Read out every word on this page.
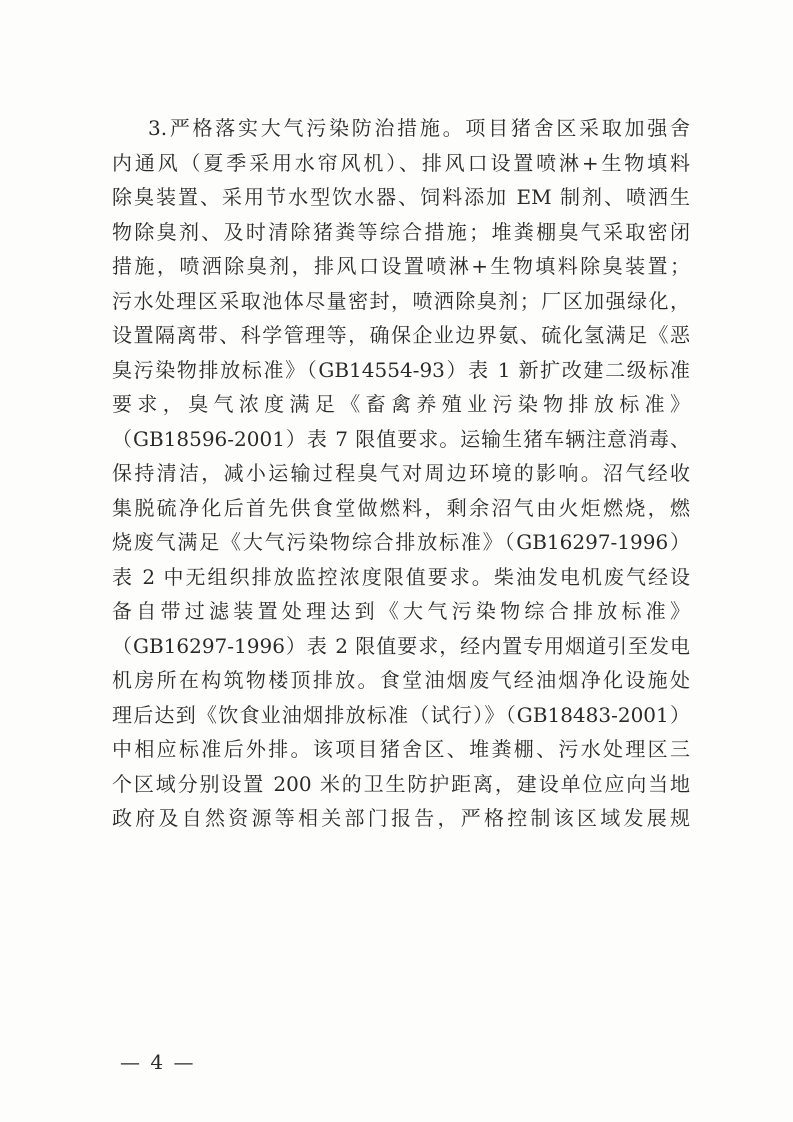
3.严格落实大气污染防治措施。项目猪舍区采取加强舍
内通风（夏季采用水帘风机）、排风口设置喷淋+生物填料
除臭装置、采用节水型饮水器、饲料添加 EM 制剂、喷洒生
物除臭剂、及时清除猪粪等综合措施；堆粪棚臭气采取密闭
措施，喷洒除臭剂，排风口设置喷淋+生物填料除臭装置；
污水处理区采取池体尽量密封，喷洒除臭剂；厂区加强绿化，
设置隔离带、科学管理等，确保企业边界氨、硫化氢满足《恶
臭污染物排放标准》（GB14554-93）表 1 新扩改建二级标准
要求，臭气浓度满足《畜禽养殖业污染物排放标准》
（GB18596-2001）表 7 限值要求。运输生猪车辆注意消毒、
保持清洁，减小运输过程臭气对周边环境的影响。沼气经收
集脱硫净化后首先供食堂做燃料，剩余沼气由火炬燃烧，燃
烧废气满足《大气污染物综合排放标准》（GB16297-1996）
表 2 中无组织排放监控浓度限值要求。柴油发电机废气经设
备自带过滤装置处理达到《大气污染物综合排放标准》
（GB16297-1996）表 2 限值要求，经内置专用烟道引至发电
机房所在构筑物楼顶排放。食堂油烟废气经油烟净化设施处
理后达到《饮食业油烟排放标准（试行）》（GB18483-2001）
中相应标准后外排。该项目猪舍区、堆粪棚、污水处理区三
个区域分别设置 200 米的卫生防护距离，建设单位应向当地
政府及自然资源等相关部门报告，严格控制该区域发展规
— 4 —
